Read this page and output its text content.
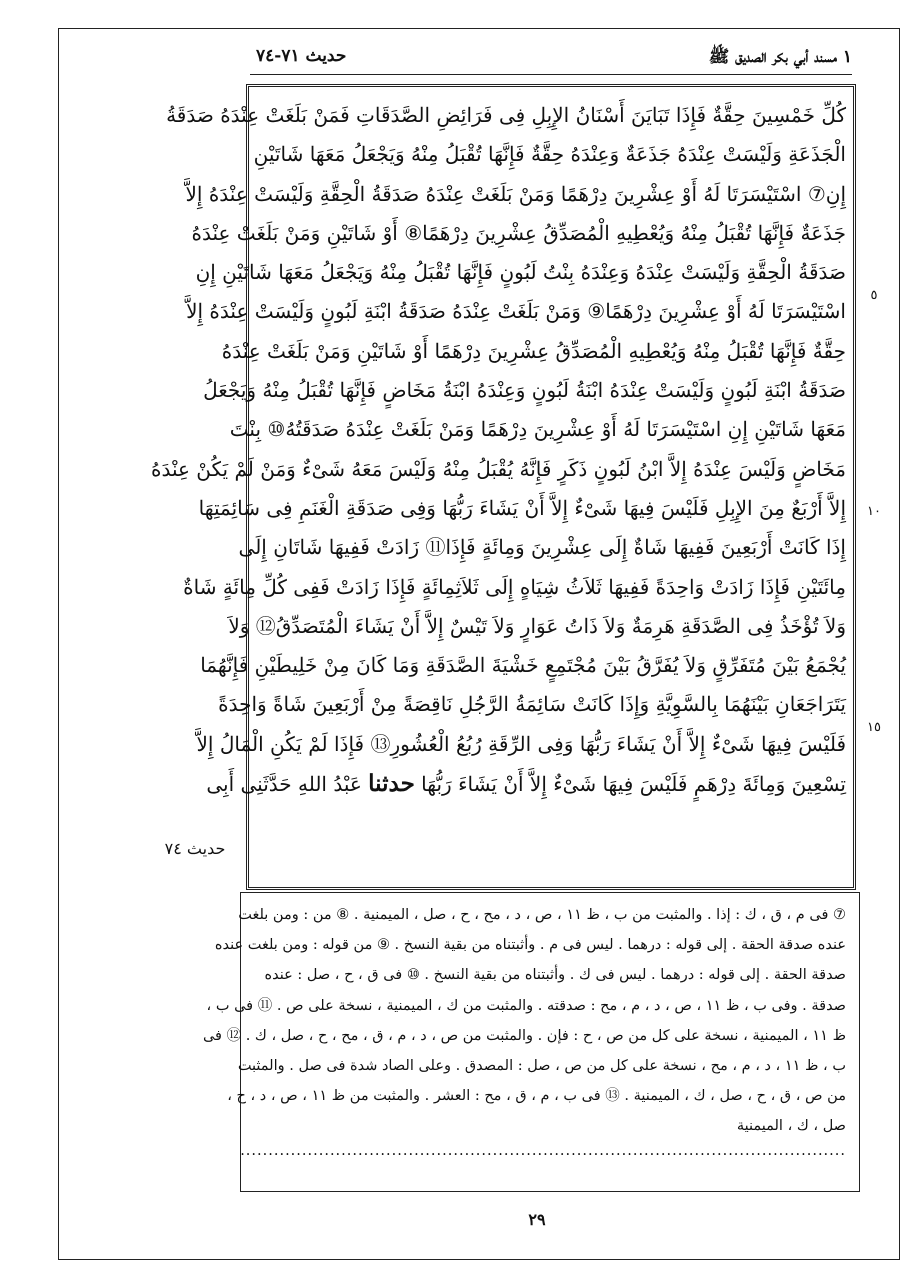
١ مسند أبي بكر الصديق ﷺ
حديث ٧١-٧٤
كُلِّ خَمْسِينَ حِقَّةٌ فَإِذَا تَبَايَنَ أَسْنَانُ الإِبِلِ فِى فَرَائِضِ الصَّدَقَاتِ فَمَنْ بَلَغَتْ عِنْدَهُ صَدَقَةُ
الْجَذَعَةِ وَلَيْسَتْ عِنْدَهُ جَذَعَةٌ وَعِنْدَهُ حِقَّةٌ فَإِنَّهَا تُقْبَلُ مِنْهُ وَيَجْعَلُ مَعَهَا شَاتَيْنِ
إِنِ⑦ اسْتَيْسَرَتَا لَهُ أَوْ عِشْرِينَ دِرْهَمًا وَمَنْ بَلَغَتْ عِنْدَهُ صَدَقَةُ الْحِقَّةِ وَلَيْسَتْ عِنْدَهُ إِلاَّ
جَذَعَةٌ فَإِنَّهَا تُقْبَلُ مِنْهُ وَيُعْطِيهِ الْمُصَدِّقُ عِشْرِينَ دِرْهَمًا⑧ أَوْ شَاتَيْنِ وَمَنْ بَلَغَتْ عِنْدَهُ
صَدَقَةُ الْحِقَّةِ وَلَيْسَتْ عِنْدَهُ وَعِنْدَهُ بِنْتُ لَبُونٍ فَإِنَّهَا تُقْبَلُ مِنْهُ وَيَجْعَلُ مَعَهَا شَاتَيْنِ إِنِ
اسْتَيْسَرَتَا لَهُ أَوْ عِشْرِينَ دِرْهَمًا⑨ وَمَنْ بَلَغَتْ عِنْدَهُ صَدَقَةُ ابْنَةِ لَبُونٍ وَلَيْسَتْ عِنْدَهُ إِلاَّ
حِقَّةٌ فَإِنَّهَا تُقْبَلُ مِنْهُ وَيُعْطِيهِ الْمُصَدِّقُ عِشْرِينَ دِرْهَمًا أَوْ شَاتَيْنِ وَمَنْ بَلَغَتْ عِنْدَهُ
صَدَقَةُ ابْنَةِ لَبُونٍ وَلَيْسَتْ عِنْدَهُ ابْنَةُ لَبُونٍ وَعِنْدَهُ ابْنَةُ مَخَاضٍ فَإِنَّهَا تُقْبَلُ مِنْهُ وَيَجْعَلُ
مَعَهَا شَاتَيْنِ إِنِ اسْتَيْسَرَتَا لَهُ أَوْ عِشْرِينَ دِرْهَمًا وَمَنْ بَلَغَتْ عِنْدَهُ صَدَقَتُهُ⑩ بِنْتَ
مَخَاضٍ وَلَيْسَ عِنْدَهُ إِلاَّ ابْنُ لَبُونٍ ذَكَرٍ فَإِنَّهُ يُقْبَلُ مِنْهُ وَلَيْسَ مَعَهُ شَىْءٌ وَمَنْ لَمْ يَكُنْ عِنْدَهُ
إِلاَّ أَرْبَعٌ مِنَ الإِبِلِ فَلَيْسَ فِيهَا شَىْءٌ إِلاَّ أَنْ يَشَاءَ رَبُّهَا وَفِى صَدَقَةِ الْغَنَمِ فِى سَائِمَتِهَا
إِذَا كَانَتْ أَرْبَعِينَ فَفِيهَا شَاةٌ إِلَى عِشْرِينَ وَمِائَةٍ فَإِذَا⑪ زَادَتْ فَفِيهَا شَاتَانِ إِلَى
مِائَتَيْنِ فَإِذَا زَادَتْ وَاحِدَةً فَفِيهَا ثَلاَثُ شِيَاهٍ إِلَى ثَلاَثِمِائَةٍ فَإِذَا زَادَتْ فَفِى كُلِّ مِائَةٍ شَاةٌ
وَلاَ تُؤْخَذُ فِى الصَّدَقَةِ هَرِمَةٌ وَلاَ ذَاتُ عَوَارٍ وَلاَ تَيْسٌ إِلاَّ أَنْ يَشَاءَ الْمُتَصَدِّقُ⑫ وَلاَ
يُجْمَعُ بَيْنَ مُتَفَرِّقٍ وَلاَ يُفَرَّقُ بَيْنَ مُجْتَمِعٍ خَشْيَةَ الصَّدَقَةِ وَمَا كَانَ مِنْ خَلِيطَيْنِ فَإِنَّهُمَا
يَتَرَاجَعَانِ بَيْنَهُمَا بِالسَّوِيَّةِ وَإِذَا كَانَتْ سَائِمَةُ الرَّجُلِ نَاقِصَةً مِنْ أَرْبَعِينَ شَاةً وَاحِدَةً
فَلَيْسَ فِيهَا شَىْءٌ إِلاَّ أَنْ يَشَاءَ رَبُّهَا وَفِى الرِّقَةِ رُبُعُ الْعُشُورِ⑬ فَإِذَا لَمْ يَكُنِ الْمَالُ إِلاَّ
تِسْعِينَ وَمِائَةَ دِرْهَمٍ فَلَيْسَ فِيهَا شَىْءٌ إِلاَّ أَنْ يَشَاءَ رَبُّهَا حدثنا عَبْدُ اللهِ حَدَّثَنِى أَبِى
٥
١٠
١٥
حديث ٧٤
⑦ فى م ، ق ، ك : إذا . والمثبت من ب ، ظ ١١ ، ص ، د ، مح ، ح ، صل ، الميمنية . ⑧ من : ومن بلغت
عنده صدقة الحقة . إلى قوله : درهما . ليس فى م . وأثبتناه من بقية النسخ . ⑨ من قوله : ومن بلغت عنده
صدقة الحقة . إلى قوله : درهما . ليس فى ك . وأثبتناه من بقية النسخ . ⑩ فى ق ، ح ، صل : عنده
صدقة . وفى ب ، ظ ١١ ، ص ، د ، م ، مح : صدقته . والمثبت من ك ، الميمنية ، نسخة على ص . ⑪ فى ب ،
ظ ١١ ، الميمنية ، نسخة على كل من ص ، ح : فإن . والمثبت من ص ، د ، م ، ق ، مح ، ح ، صل ، ك . ⑫ فى
ب ، ظ ١١ ، د ، م ، مح ، نسخة على كل من ص ، صل : المصدق . وعلى الصاد شدة فى صل . والمثبت
من ص ، ق ، ح ، صل ، ك ، الميمنية . ⑬ فى ب ، م ، ق ، مح : العشر . والمثبت من ظ ١١ ، ص ، د ، ح ،
صل ، ك ، الميمنية
............................................................................................................
٢٩
